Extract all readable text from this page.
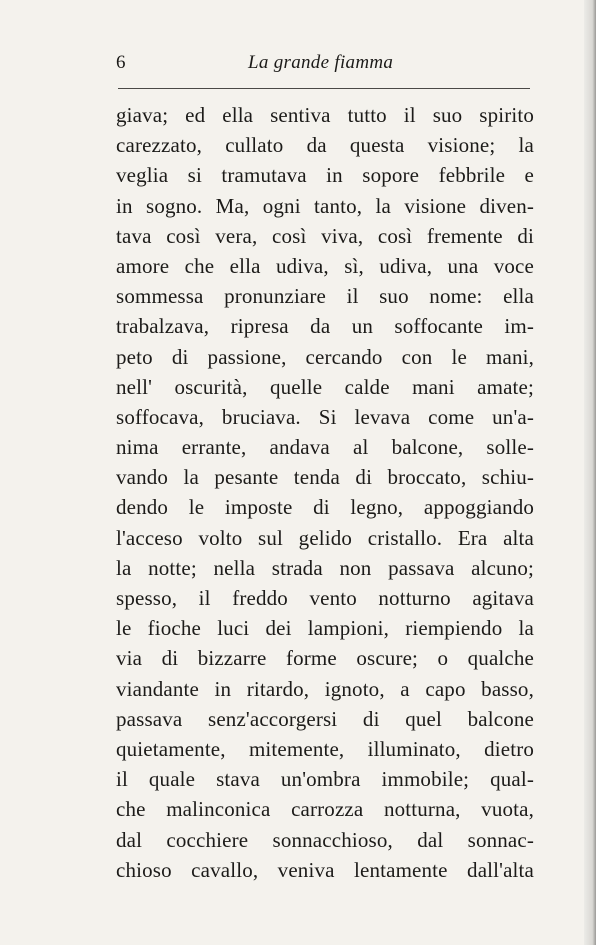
6	La grande fiamma
giava; ed ella sentiva tutto il suo spirito
carezzato, cullato da questa visione; la
veglia si tramutava in sopore febbrile e
in sogno. Ma, ogni tanto, la visione diven-
tava così vera, così viva, così fremente di
amore che ella udiva, sì, udiva, una voce
sommessa pronunziare il suo nome: ella
trabalzava, ripresa da un soffocante im-
peto di passione, cercando con le mani,
nell' oscurità, quelle calde mani amate;
soffocava, bruciava. Si levava come un'a-
nima errante, andava al balcone, solle-
vando la pesante tenda di broccato, schiu-
dendo le imposte di legno, appoggiando
l'acceso volto sul gelido cristallo. Era alta
la notte; nella strada non passava alcuno;
spesso, il freddo vento notturno agitava
le fioche luci dei lampioni, riempiendo la
via di bizzarre forme oscure; o qualche
viandante in ritardo, ignoto, a capo basso,
passava senz'accorgersi di quel balcone
quietamente, mitemente, illuminato, dietro
il quale stava un'ombra immobile; qual-
che malinconica carrozza notturna, vuota,
dal cocchiere sonnacchioso, dal sonnac-
chioso cavallo, veniva lentamente dall'alta
